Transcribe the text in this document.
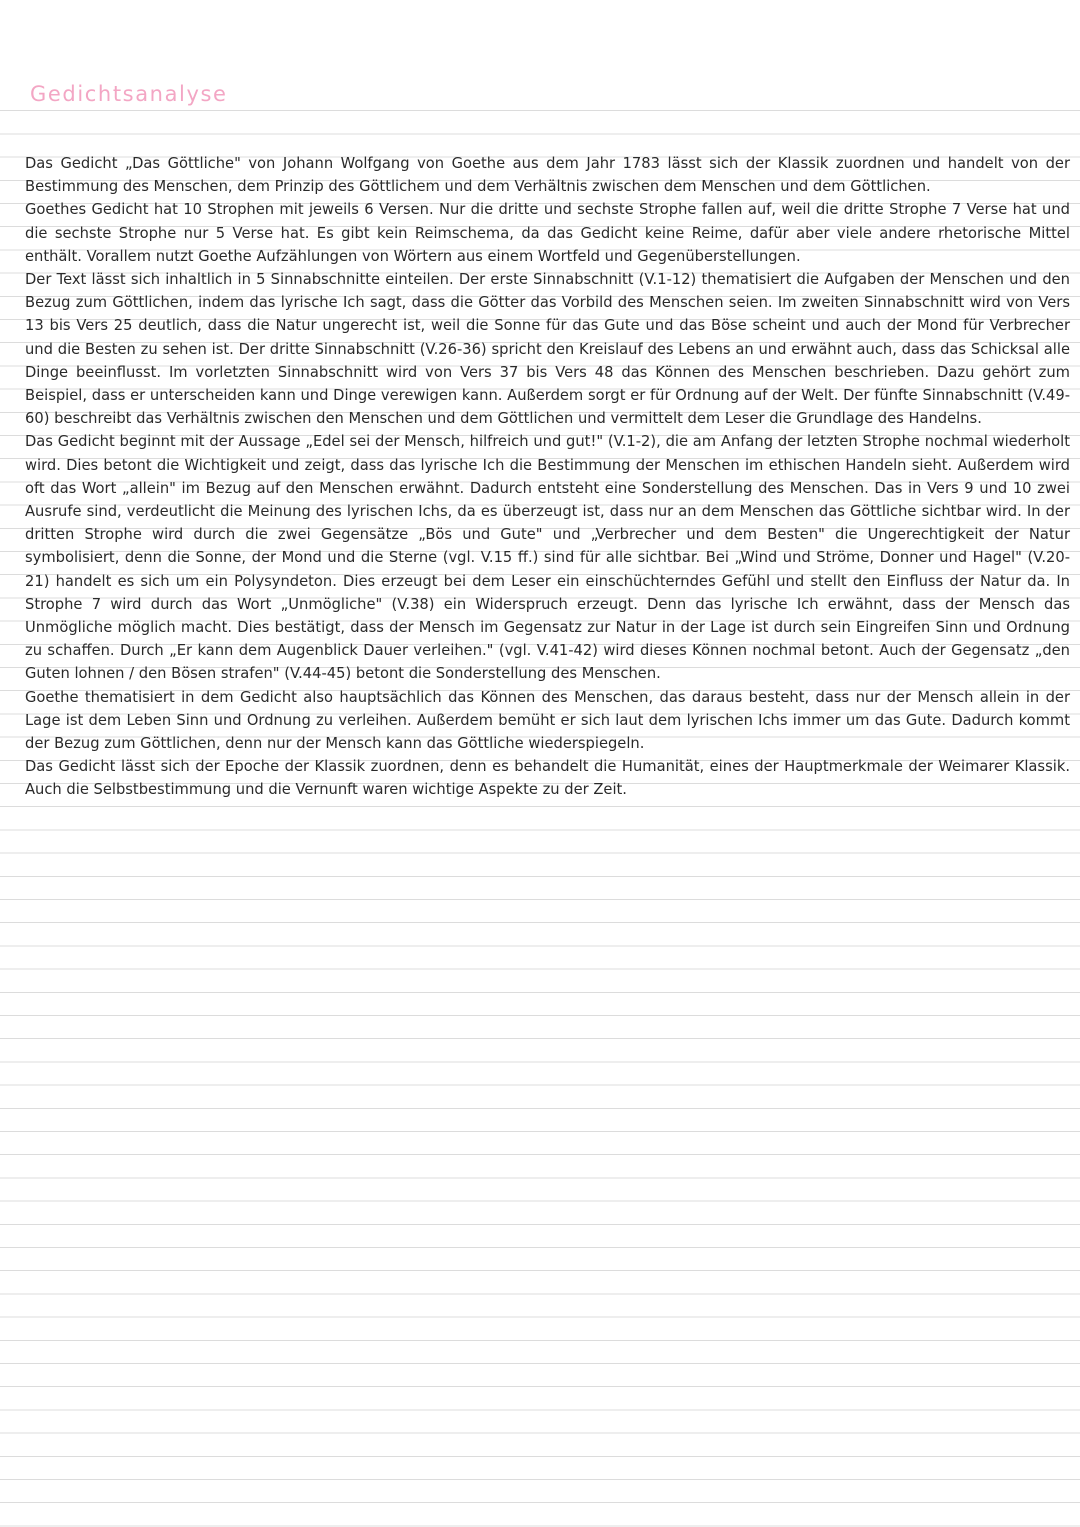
Gedichtsanalyse

Das Gedicht „Das Göttliche" von Johann Wolfgang von Goethe aus dem Jahr 1783 lässt sich der Klassik zuordnen und handelt von der Bestimmung des Menschen, dem Prinzip des Göttlichem und dem Verhältnis zwischen dem Menschen und dem Göttlichen.

Goethes Gedicht hat 10 Strophen mit jeweils 6 Versen. Nur die dritte und sechste Strophe fallen auf, weil die dritte Strophe 7 Verse hat und die sechste Strophe nur 5 Verse hat. Es gibt kein Reimschema, da das Gedicht keine Reime, dafür aber viele andere rhetorische Mittel enthält. Vorallem nutzt Goethe Aufzählungen von Wörtern aus einem Wortfeld und Gegenüberstellungen.

Der Text lässt sich inhaltlich in 5 Sinnabschnitte einteilen. Der erste Sinnabschnitt (V.1-12) thematisiert die Aufgaben der Menschen und den Bezug zum Göttlichen, indem das lyrische Ich sagt, dass die Götter das Vorbild des Menschen seien. Im zweiten Sinnabschnitt wird von Vers 13 bis Vers 25 deutlich, dass die Natur ungerecht ist, weil die Sonne für das Gute und das Böse scheint und auch der Mond für Verbrecher und die Besten zu sehen ist. Der dritte Sinnabschnitt (V.26-36) spricht den Kreislauf des Lebens an und erwähnt auch, dass das Schicksal alle Dinge beeinflusst. Im vorletzten Sinnabschnitt wird von Vers 37 bis Vers 48 das Können des Menschen beschrieben. Dazu gehört zum Beispiel, dass er unterscheiden kann und Dinge verewigen kann. Außerdem sorgt er für Ordnung auf der Welt. Der fünfte Sinnabschnitt (V.49-60) beschreibt das Verhältnis zwischen den Menschen und dem Göttlichen und vermittelt dem Leser die Grundlage des Handelns.

Das Gedicht beginnt mit der Aussage „Edel sei der Mensch, hilfreich und gut!" (V.1-2), die am Anfang der letzten Strophe nochmal wiederholt wird. Dies betont die Wichtigkeit und zeigt, dass das lyrische Ich die Bestimmung der Menschen im ethischen Handeln sieht. Außerdem wird oft das Wort „allein" im Bezug auf den Menschen erwähnt. Dadurch entsteht eine Sonderstellung des Menschen. Das in Vers 9 und 10 zwei Ausrufe sind, verdeutlicht die Meinung des lyrischen Ichs, da es überzeugt ist, dass nur an dem Menschen das Göttliche sichtbar wird. In der dritten Strophe wird durch die zwei Gegensätze „Bös und Gute" und „Verbrecher und dem Besten" die Ungerechtigkeit der Natur symbolisiert, denn die Sonne, der Mond und die Sterne (vgl. V.15 ff.) sind für alle sichtbar. Bei „Wind und Ströme, Donner und Hagel" (V.20-21) handelt es sich um ein Polysyndeton. Dies erzeugt bei dem Leser ein einschüchterndes Gefühl und stellt den Einfluss der Natur da. In Strophe 7 wird durch das Wort „Unmögliche" (V.38) ein Widerspruch erzeugt. Denn das lyrische Ich erwähnt, dass der Mensch das Unmögliche möglich macht. Dies bestätigt, dass der Mensch im Gegensatz zur Natur in der Lage ist durch sein Eingreifen Sinn und Ordnung zu schaffen. Durch „Er kann dem Augenblick Dauer verleihen." (vgl. V.41-42) wird dieses Können nochmal betont. Auch der Gegensatz „den Guten lohnen / den Bösen strafen" (V.44-45) betont die Sonderstellung des Menschen.

Goethe thematisiert in dem Gedicht also hauptsächlich das Können des Menschen, das daraus besteht, dass nur der Mensch allein in der Lage ist dem Leben Sinn und Ordnung zu verleihen. Außerdem bemüht er sich laut dem lyrischen Ichs immer um das Gute. Dadurch kommt der Bezug zum Göttlichen, denn nur der Mensch kann das Göttliche wiederspiegeln.

Das Gedicht lässt sich der Epoche der Klassik zuordnen, denn es behandelt die Humanität, eines der Hauptmerkmale der Weimarer Klassik. Auch die Selbstbestimmung und die Vernunft waren wichtige Aspekte zu der Zeit.
